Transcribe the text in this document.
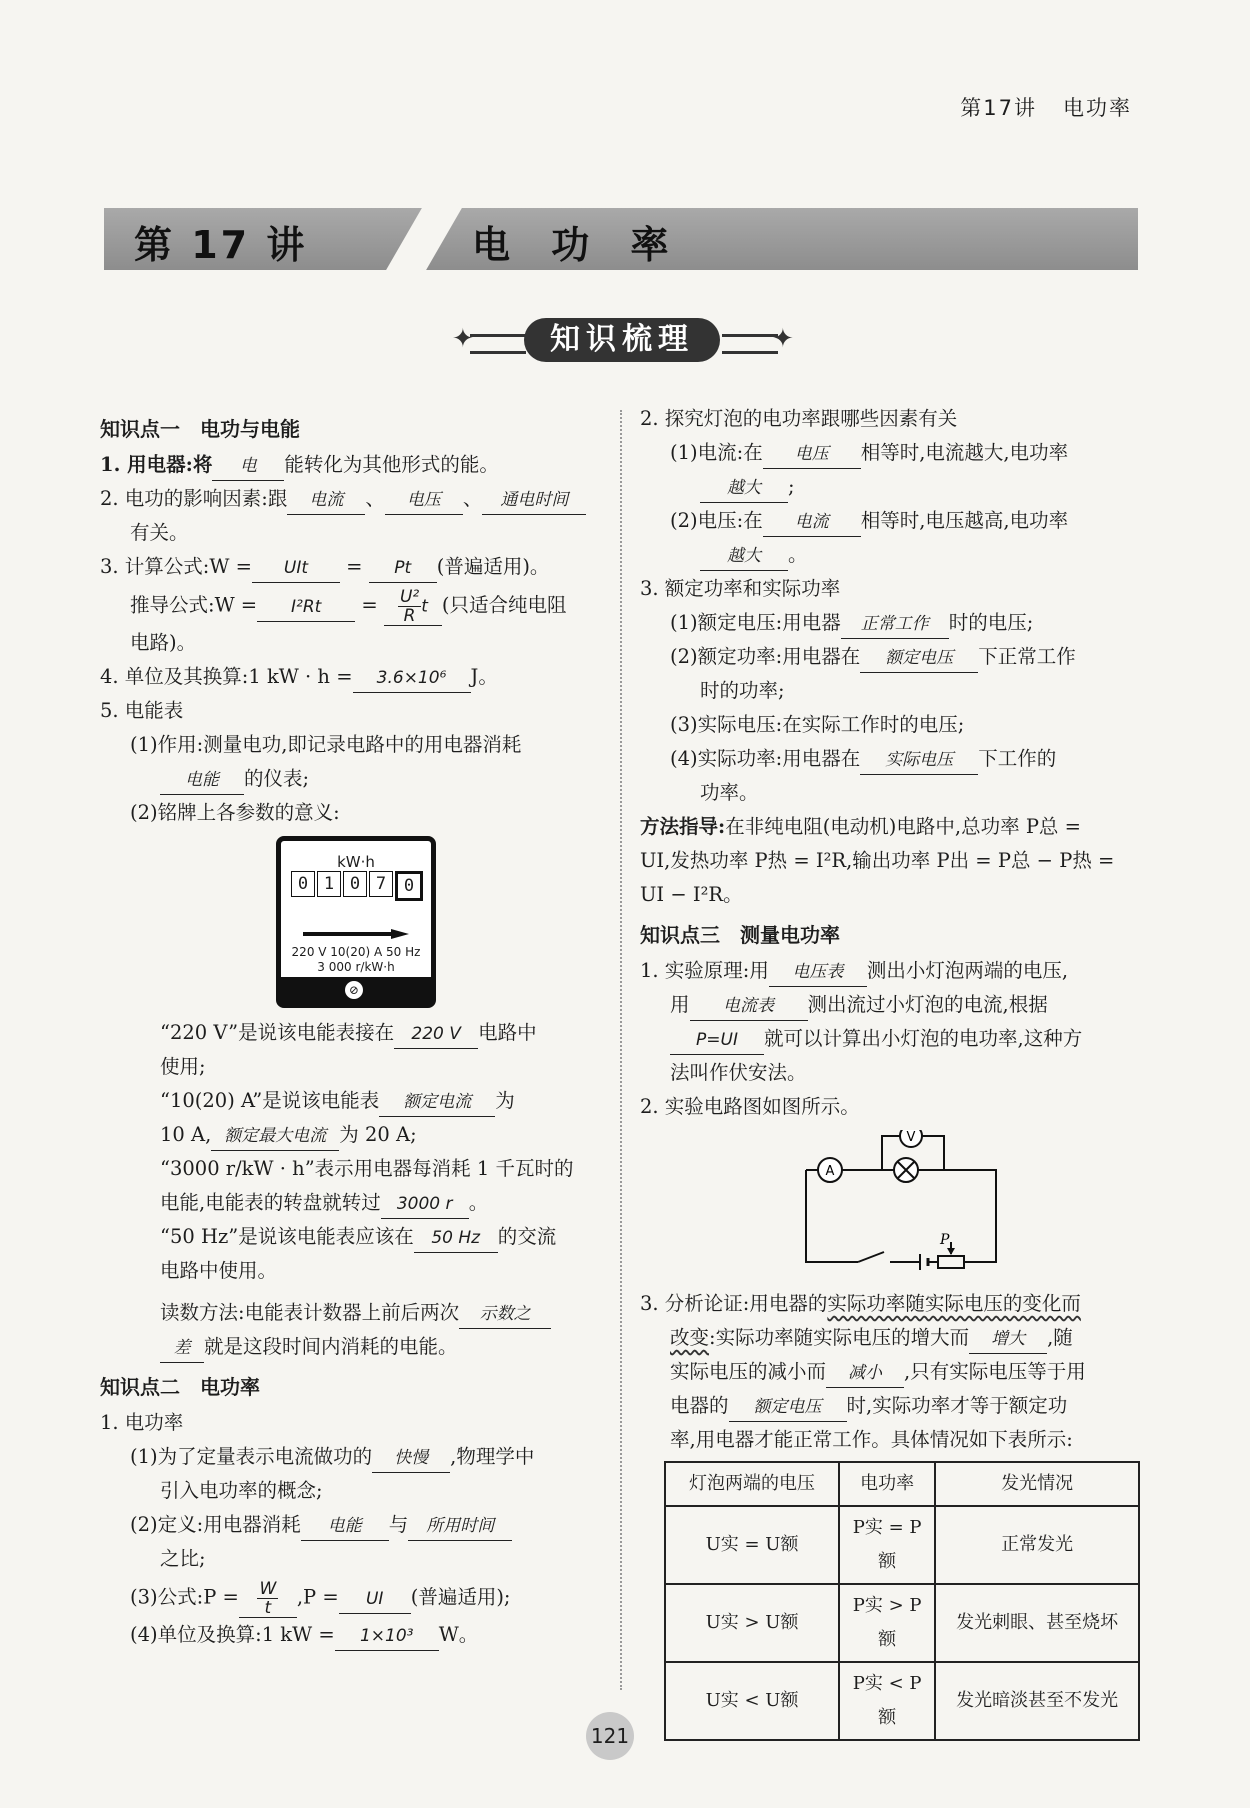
第17讲 电功率
第 17 讲	电 功 率
✦	知识梳理	✦
知识点一　电功与电能
1. 用电器:将 电 能转化为其他形式的能。
2. 电功的影响因素:跟 电流 、 电压 、 通电时间
有关。
3. 计算公式:W = UIt = Pt (普遍适用)。
推导公式:W = $I^2Rt = \frac{\text{U²}}{R}$ t (只适合纯电阻
电路)。
4. 单位及其换算:1 kW · h = 3.6×10⁶ J。
5. 电能表
(1)作用:测量电功,即记录电路中的用电器消耗
电能 的仪表;
(2)铭牌上各参数的意义:
kW·h
0 1 0 7	0
220 V 10(20) A 50 Hz
3 000 r/kW·h
⊘
“220 V”是说该电能表接在 220 V 电路中
使用;
“10(20) A”是说该电能表 额定电流 为
10 A, 额定最大电流 为 20 A;
“3000 r/kW · h”表示用电器每消耗 1 千瓦时的
电能,电能表的转盘就转过 3000 r 。
“50 Hz”是说该电能表应该在 50 Hz 的交流
电路中使用。
读数方法:电能表计数器上前后两次 示数之
差 就是这段时间内消耗的电能。
知识点二　电功率
1. 电功率
(1)为了定量表示电流做功的 快慢 ,物理学中
引入电功率的概念;
(2)定义:用电器消耗 电能 与 所用时间
之比;
(3)公式:P = $\frac{W}{t} ,P$ = UI (普遍适用);
(4)单位及换算:1 kW = 1×10³ W。
2. 探究灯泡的电功率跟哪些因素有关
(1)电流:在 电压 相等时,电流越大,电功率
越大 ;
(2)电压:在 电流 相等时,电压越高,电功率
越大 。
3. 额定功率和实际功率
(1)额定电压:用电器 正常工作 时的电压;
(2)额定功率:用电器在 额定电压 下正常工作
时的功率;
(3)实际电压:在实际工作时的电压;
(4)实际功率:用电器在 实际电压 下工作的
功率。
方法指导:在非纯电阻(电动机)电路中,总功率 P总 =
UI,发热功率 P热 = I²R,输出功率 P出 = P总 − P热 =
UI − I²R。
知识点三　测量电功率
1. 实验原理:用 电压表 测出小灯泡两端的电压,
用 电流表 测出流过小灯泡的电流,根据
P=UI 就可以计算出小灯泡的电功率,这种方
法叫作伏安法。
2. 实验电路图如图所示。
V
A
P
3. 分析论证:用电器的实际功率随实际电压的变化而
改变:实际功率随实际电压的增大而 增大 ,随
实际电压的减小而 减小 ,只有实际电压等于用
电器的 额定电压 时,实际功率才等于额定功
率,用电器才能正常工作。具体情况如下表所示:
灯泡两端的电压	电功率	发光情况
U实 = U额	P实 = P额	正常发光
U实 > U额	P实 > P额	发光刺眼、甚至烧坏
U实 < U额	P实 < P额	发光暗淡甚至不发光
121
